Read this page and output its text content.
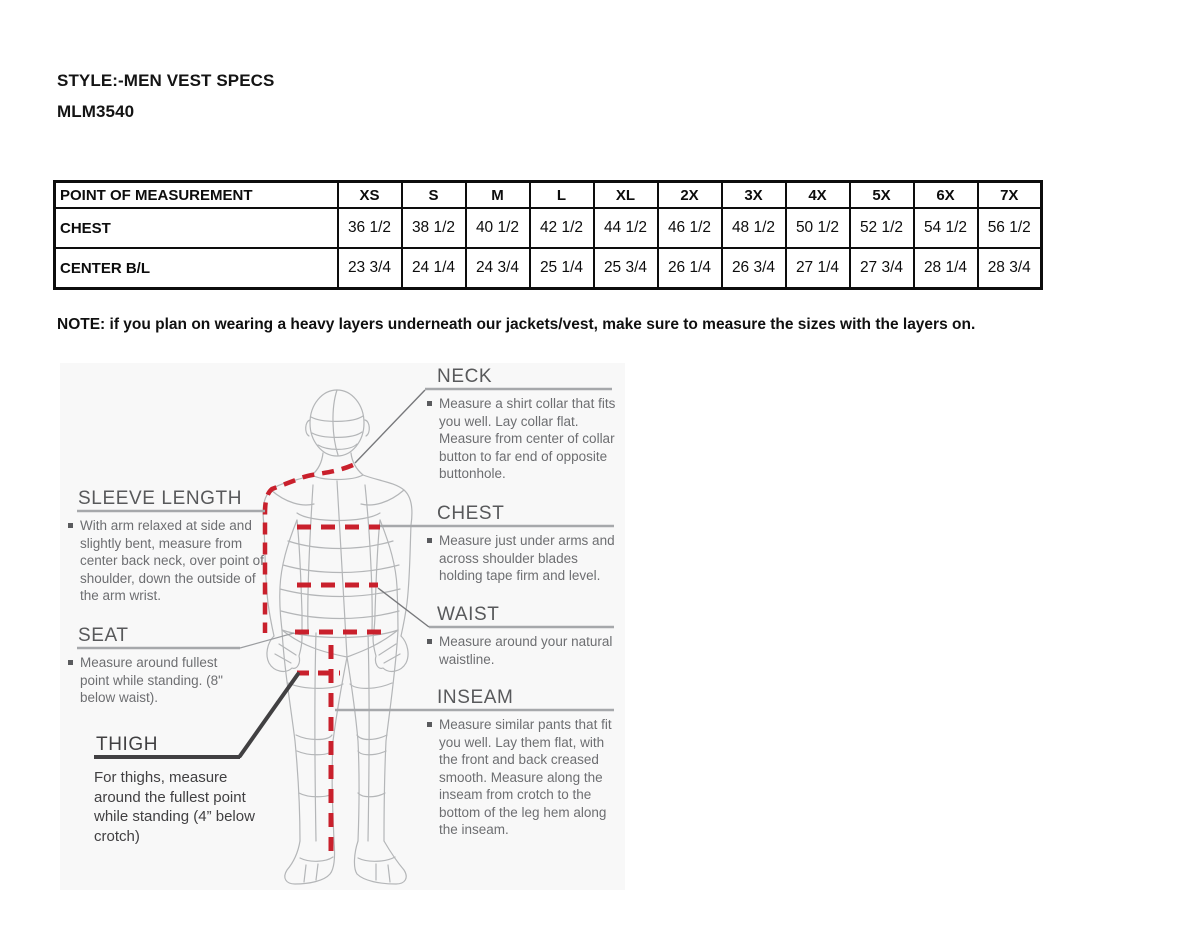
STYLE:-MEN VEST SPECS
MLM3540
POINT OF MEASUREMENT	XS	S	M	L	XL	2X	3X	4X	5X	6X	7X
CHEST	36 1/2	38 1/2	40 1/2	42 1/2	44 1/2	46 1/2	48 1/2	50 1/2	52 1/2	54 1/2	56 1/2
CENTER B/L	23 3/4	24 1/4	24 3/4	25 1/4	25 3/4	26 1/4	26 3/4	27 1/4	27 3/4	28 1/4	28 3/4
NOTE: if you plan on wearing a heavy layers underneath our jackets/vest, make sure to measure the sizes with the layers on.
NECK
Measure a shirt collar that fits you well. Lay collar flat. Measure from center of collar button to far end of opposite buttonhole.
CHEST
Measure just under arms and across shoulder blades holding tape firm and level.
WAIST
Measure around your natural waistline.
INSEAM
Measure similar pants that fit you well. Lay them flat, with the front and back creased smooth. Measure along the inseam from crotch to the bottom of the leg hem along the inseam.
SLEEVE LENGTH
With arm relaxed at side and slightly bent, measure from center back neck, over point of shoulder, down the outside of the arm wrist.
SEAT
Measure around fullest point while standing. (8" below waist).
THIGH
For thighs, measure around the fullest point while standing (4” below crotch)
